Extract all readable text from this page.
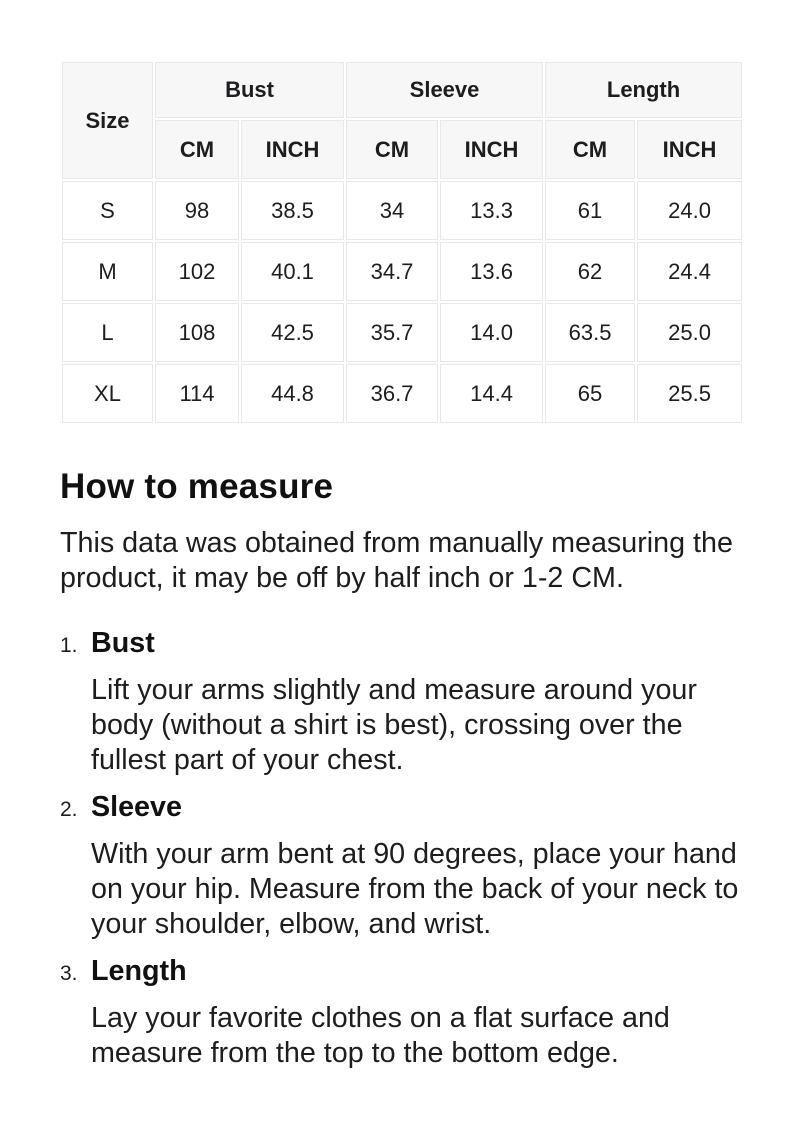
Size	Bust		Sleeve		Length	
	CM	INCH	CM	INCH	CM	INCH
S	98	38.5	34	13.3	61	24.0
M	102	40.1	34.7	13.6	62	24.4
L	108	42.5	35.7	14.0	63.5	25.0
XL	114	44.8	36.7	14.4	65	25.5
How to measure

This data was obtained from manually measuring the product, it may be off by half inch or 1-2 CM.

1. Bust

Lift your arms slightly and measure around your body (without a shirt is best), crossing over the fullest part of your chest.

2. Sleeve

With your arm bent at 90 degrees, place your hand on your hip. Measure from the back of your neck to your shoulder, elbow, and wrist.

3. Length

Lay your favorite clothes on a flat surface and measure from the top to the bottom edge.
